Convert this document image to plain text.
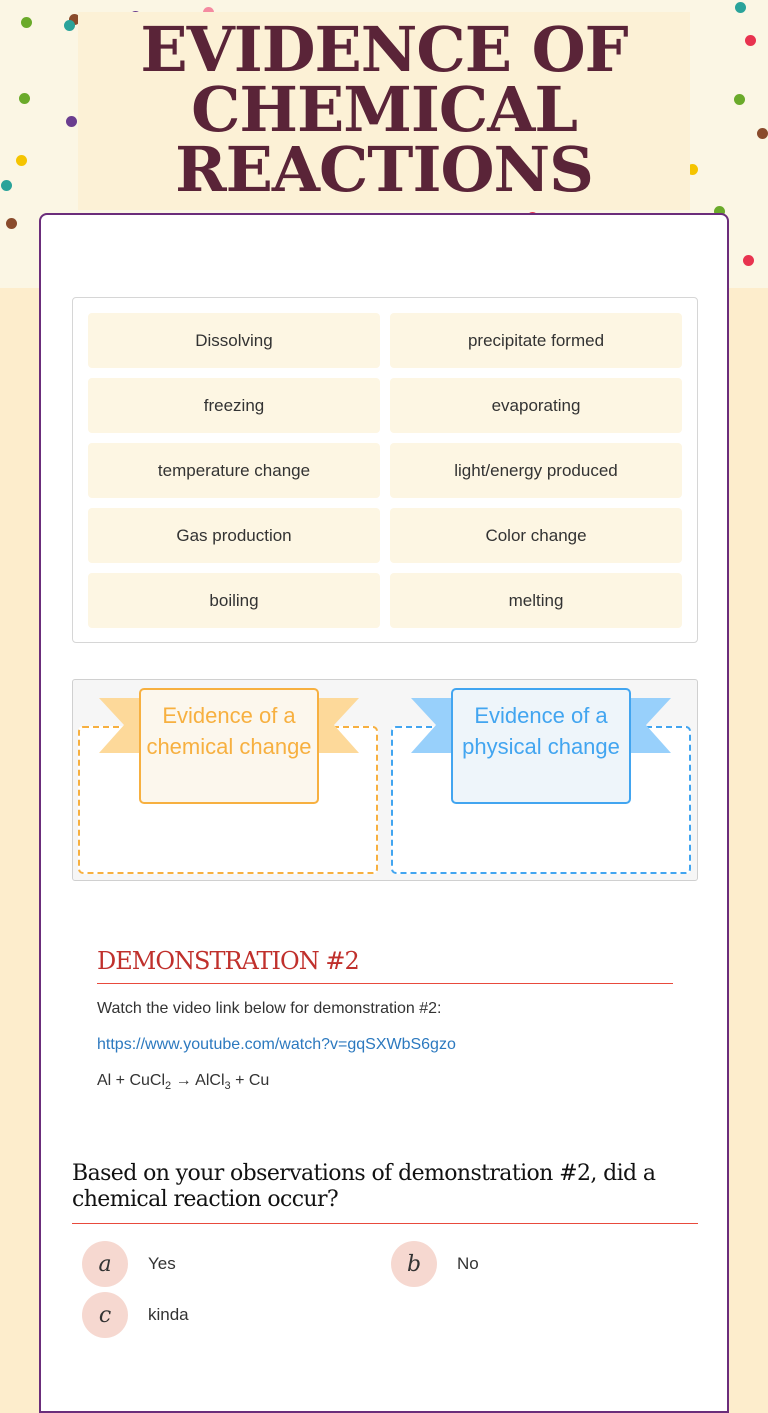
EVIDENCE OF CHEMICAL REACTIONS
Dissolving	precipitate formed
freezing	evaporating
temperature change	light/energy produced
Gas production	Color change
boiling	melting
Evidence of a chemical change
Evidence of a physical change
DEMONSTRATION #2

Watch the video link below for demonstration #2:

https://www.youtube.com/watch?v=gqSXWbS6gzo

Al + CuCl$_2$ → AlCl$_3$ + Cu

Based on your observations of demonstration #2, did a chemical reaction occur?
a	Yes	b	No
c	kinda
